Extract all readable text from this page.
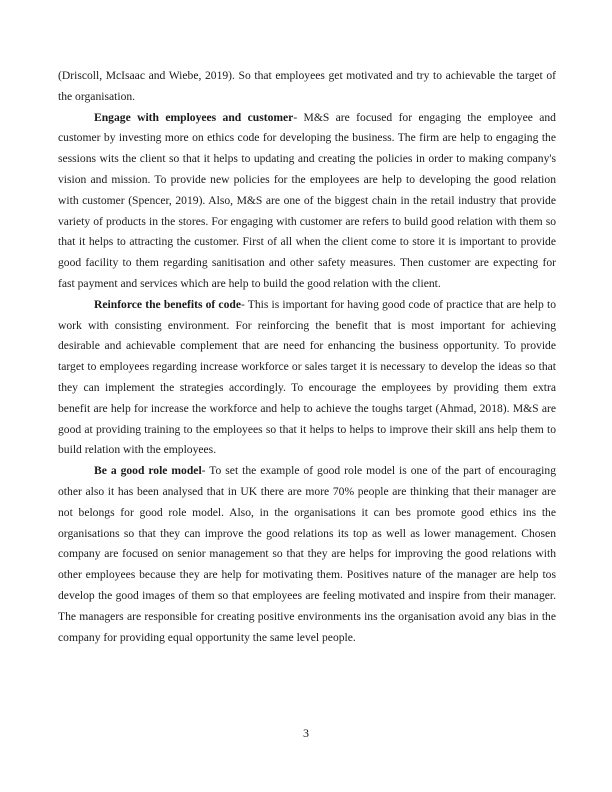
(Driscoll, McIsaac and Wiebe, 2019). So that employees get motivated and try to achievable the target of the organisation.

Engage with employees and customer- M&S are focused for engaging the employee and customer by investing more on ethics code for developing the business. The firm are help to engaging the sessions wits the client so that it helps to updating and creating the policies in order to making company's vision and mission. To provide new policies for the employees are help to developing the good relation with customer (Spencer, 2019). Also, M&S are one of the biggest chain in the retail industry that provide variety of products in the stores. For engaging with customer are refers to build good relation with them so that it helps to attracting the customer. First of all when the client come to store it is important to provide good facility to them regarding sanitisation and other safety measures. Then customer are expecting for fast payment and services which are help to build the good relation with the client.

Reinforce the benefits of code- This is important for having good code of practice that are help to work with consisting environment. For reinforcing the benefit that is most important for achieving desirable and achievable complement that are need for enhancing the business opportunity. To provide target to employees regarding increase workforce or sales target it is necessary to develop the ideas so that they can implement the strategies accordingly. To encourage the employees by providing them extra benefit are help for increase the workforce and help to achieve the toughs target (Ahmad, 2018). M&S are good at providing training to the employees so that it helps to helps to improve their skill ans help them to build relation with the employees.

Be a good role model- To set the example of good role model is one of the part of encouraging other also it has been analysed that in UK there are more 70% people are thinking that their manager are not belongs for good role model. Also, in the organisations it can bes promote good ethics ins the organisations so that they can improve the good relations its top as well as lower management. Chosen company are focused on senior management so that they are helps for improving the good relations with other employees because they are help for motivating them. Positives nature of the manager are help tos develop the good images of them so that employees are feeling motivated and inspire from their manager. The managers are responsible for creating positive environments ins the organisation avoid any bias in the company for providing equal opportunity the same level people.

3
